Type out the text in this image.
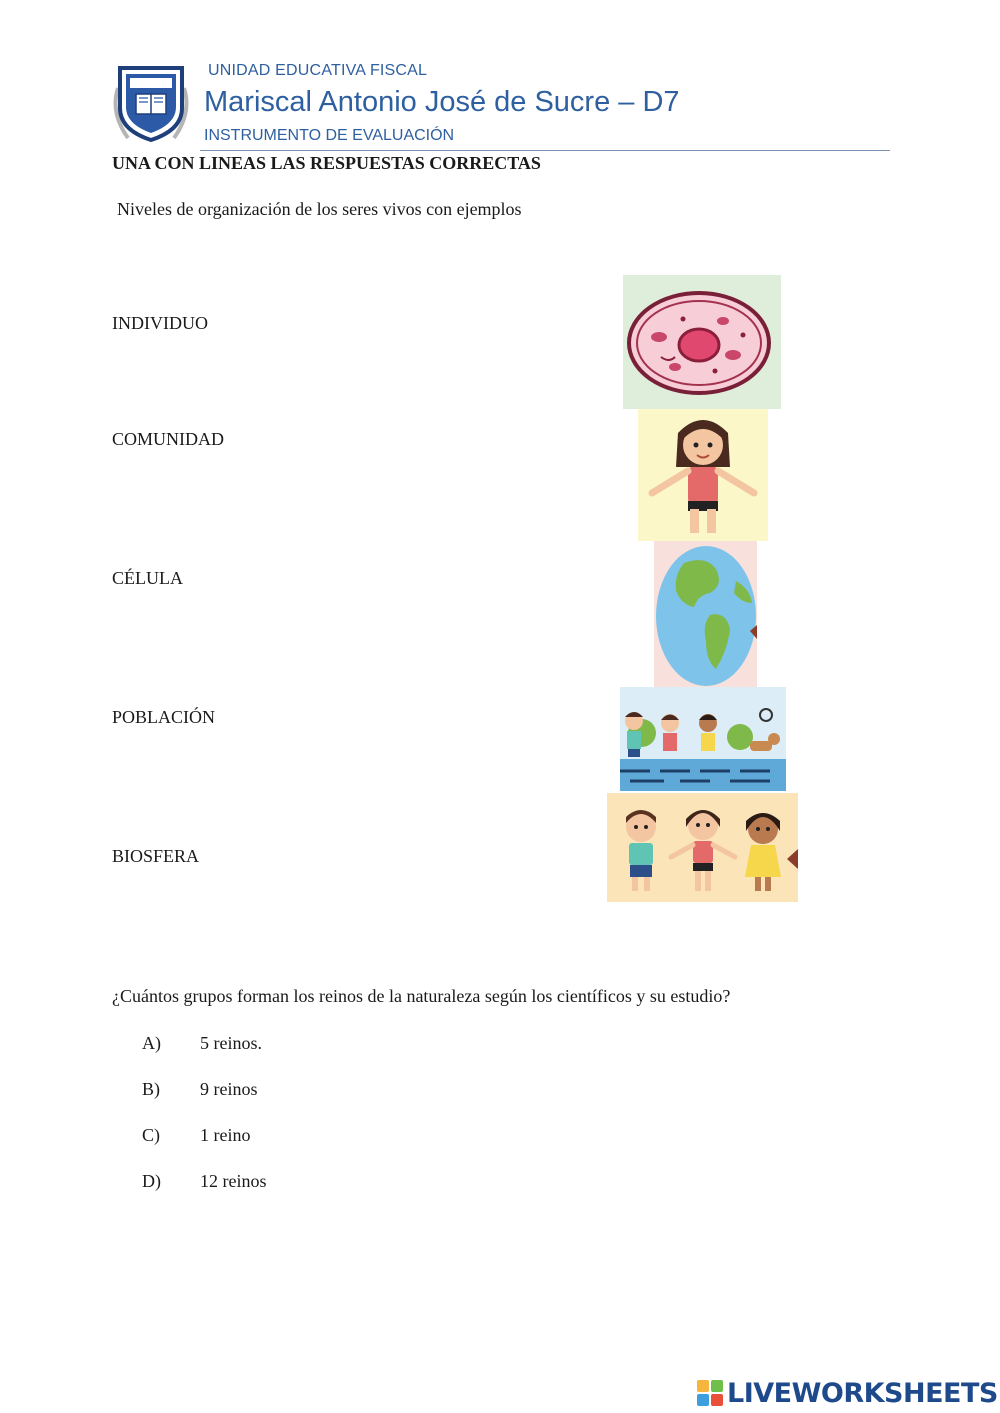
UNIDAD EDUCATIVA FISCAL
Mariscal Antonio José de Sucre – D7
INSTRUMENTO DE EVALUACIÓN
UNA CON LINEAS LAS RESPUESTAS CORRECTAS
Niveles de organización de los seres vivos con ejemplos
INDIVIDUO
COMUNIDAD
CÉLULA
POBLACIÓN
BIOSFERA
¿Cuántos grupos forman los reinos de la naturaleza según los científicos y su estudio?
A) 5 reinos.
B) 9 reinos
C) 1 reino
D) 12 reinos
LIVEWORKSHEETS
